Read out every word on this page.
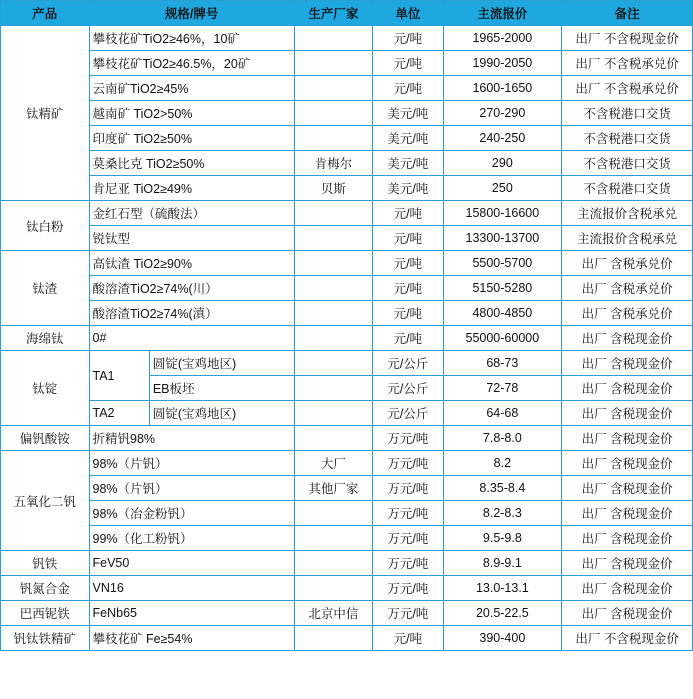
产品	规格/牌号		生产厂家	单位	主流报价	备注
钛精矿	攀枝花矿TiO2≥46%，10矿			元/吨	1965-2000	出厂 不含税现金价
	攀枝花矿TiO2≥46.5%，20矿			元/吨	1990-2050	出厂 不含税承兑价
	云南矿TiO2≥45%			元/吨	1600-1650	出厂 不含税承兑价
	越南矿 TiO2>50%			美元/吨	270-290	不含税港口交货
	印度矿 TiO2≥50%			美元/吨	240-250	不含税港口交货
	莫桑比克 TiO2≥50%		肯梅尔	美元/吨	290	不含税港口交货
	肯尼亚 TiO2≥49%		贝斯	美元/吨	250	不含税港口交货
钛白粉	金红石型（硫酸法）			元/吨	15800-16600	主流报价含税承兑
	锐钛型			元/吨	13300-13700	主流报价含税承兑
钛渣	高钛渣 TiO2≥90%			元/吨	5500-5700	出厂 含税承兑价
	酸溶渣TiO2≥74%(川）			元/吨	5150-5280	出厂 含税承兑价
	酸溶渣TiO2≥74%(滇）			元/吨	4800-4850	出厂 含税承兑价
海绵钛	0#			元/吨	55000-60000	出厂 含税现金价
钛锭	TA1	圆锭(宝鸡地区)		元/公斤	68-73	出厂 含税现金价
		EB板坯		元/公斤	72-78	出厂 含税现金价
	TA2	圆锭(宝鸡地区)		元/公斤	64-68	出厂 含税现金价
偏钒酸铵	折精钒98%			万元/吨	7.8-8.0	出厂 含税现金价
五氧化二钒	98%（片钒）		大厂	万元/吨	8.2	出厂 含税现金价
	98%（片钒）		其他厂家	万元/吨	8.35-8.4	出厂 含税现金价
	98%（冶金粉钒）			万元/吨	8.2-8.3	出厂 含税现金价
	99%（化工粉钒）			万元/吨	9.5-9.8	出厂 含税现金价
钒铁	FeV50			万元/吨	8.9-9.1	出厂 含税现金价
钒氮合金	VN16			万元/吨	13.0-13.1	出厂 含税现金价
巴西铌铁	FeNb65		北京中信	万元/吨	20.5-22.5	出厂 含税现金价
钒钛铁精矿	攀枝花矿 Fe≥54%			元/吨	390-400	出厂 不含税现金价
